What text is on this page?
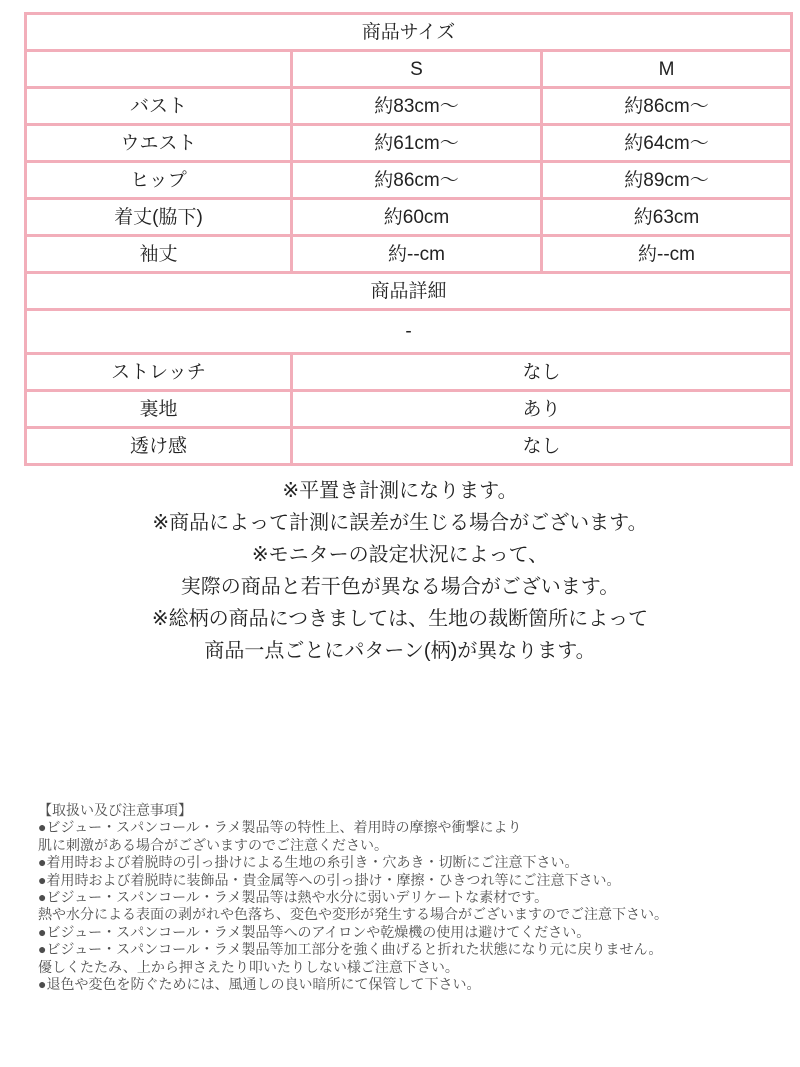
商品サイズ		
	S	M
バスト	約83cm～	約86cm～
ウエスト	約61cm～	約64cm～
ヒップ	約86cm～	約89cm～
着丈(脇下)	約60cm	約63cm
袖丈	約--cm	約--cm
商品詳細		
-		
ストレッチ	なし	
裏地	あり	
透け感	なし	
※平置き計測になります。
※商品によって計測に誤差が生じる場合がございます。
※モニターの設定状況によって、
実際の商品と若干色が異なる場合がございます。
※総柄の商品につきましては、生地の裁断箇所によって
商品一点ごとにパターン(柄)が異なります。
【取扱い及び注意事項】
●ビジュー・スパンコール・ラメ製品等の特性上、着用時の摩擦や衝撃により
肌に刺激がある場合がございますのでご注意ください。
●着用時および着脱時の引っ掛けによる生地の糸引き・穴あき・切断にご注意下さい。
●着用時および着脱時に装飾品・貴金属等への引っ掛け・摩擦・ひきつれ等にご注意下さい。
●ビジュー・スパンコール・ラメ製品等は熱や水分に弱いデリケートな素材です。
熱や水分による表面の剥がれや色落ち、変色や変形が発生する場合がございますのでご注意下さい。
●ビジュー・スパンコール・ラメ製品等へのアイロンや乾燥機の使用は避けてください。
●ビジュー・スパンコール・ラメ製品等加工部分を強く曲げると折れた状態になり元に戻りません。
優しくたたみ、上から押さえたり叩いたりしない様ご注意下さい。
●退色や変色を防ぐためには、風通しの良い暗所にて保管して下さい。
